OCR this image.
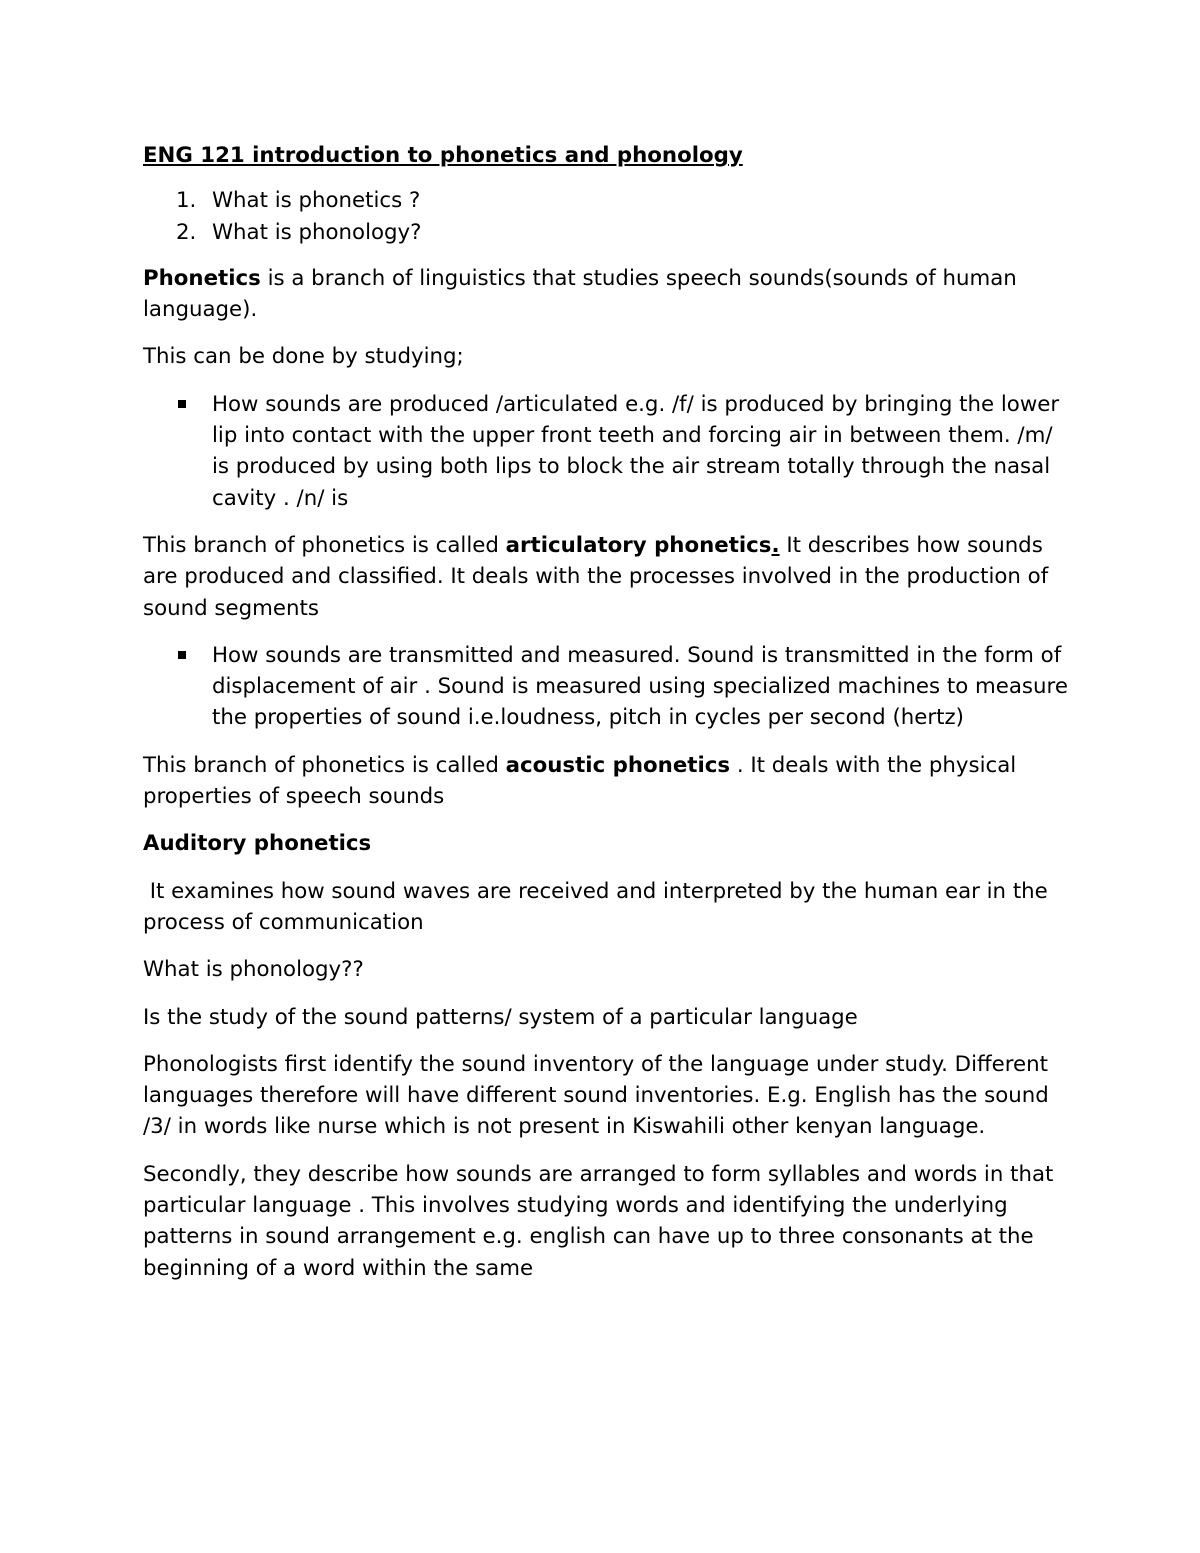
ENG 121 introduction to phonetics and phonology

1. What is phonetics ?
2. What is phonology?

Phonetics is a branch of linguistics that studies speech sounds(sounds of human language).

This can be done by studying;

How sounds are produced /articulated e.g. /f/ is produced by bringing the lower lip into contact with the upper front teeth and forcing air in between them. /m/ is produced by using both lips to block the air stream totally through the nasal cavity . /n/ is

This branch of phonetics is called articulatory phonetics. It describes how sounds are produced and classified. It deals with the processes involved in the production of sound segments

How sounds are transmitted and measured. Sound is transmitted in the form of displacement of air . Sound is measured using specialized machines to measure the properties of sound i.e.loudness, pitch in cycles per second (hertz)

This branch of phonetics is called acoustic phonetics . It deals with the physical properties of speech sounds

Auditory phonetics

It examines how sound waves are received and interpreted by the human ear in the process of communication

What is phonology??

Is the study of the sound patterns/ system of a particular language

Phonologists first identify the sound inventory of the language under study. Different languages therefore will have different sound inventories. E.g. English has the sound /3/ in words like nurse which is not present in Kiswahili other kenyan language.

Secondly, they describe how sounds are arranged to form syllables and words in that particular language . This involves studying words and identifying the underlying patterns in sound arrangement e.g. english can have up to three consonants at the beginning of a word within the same
